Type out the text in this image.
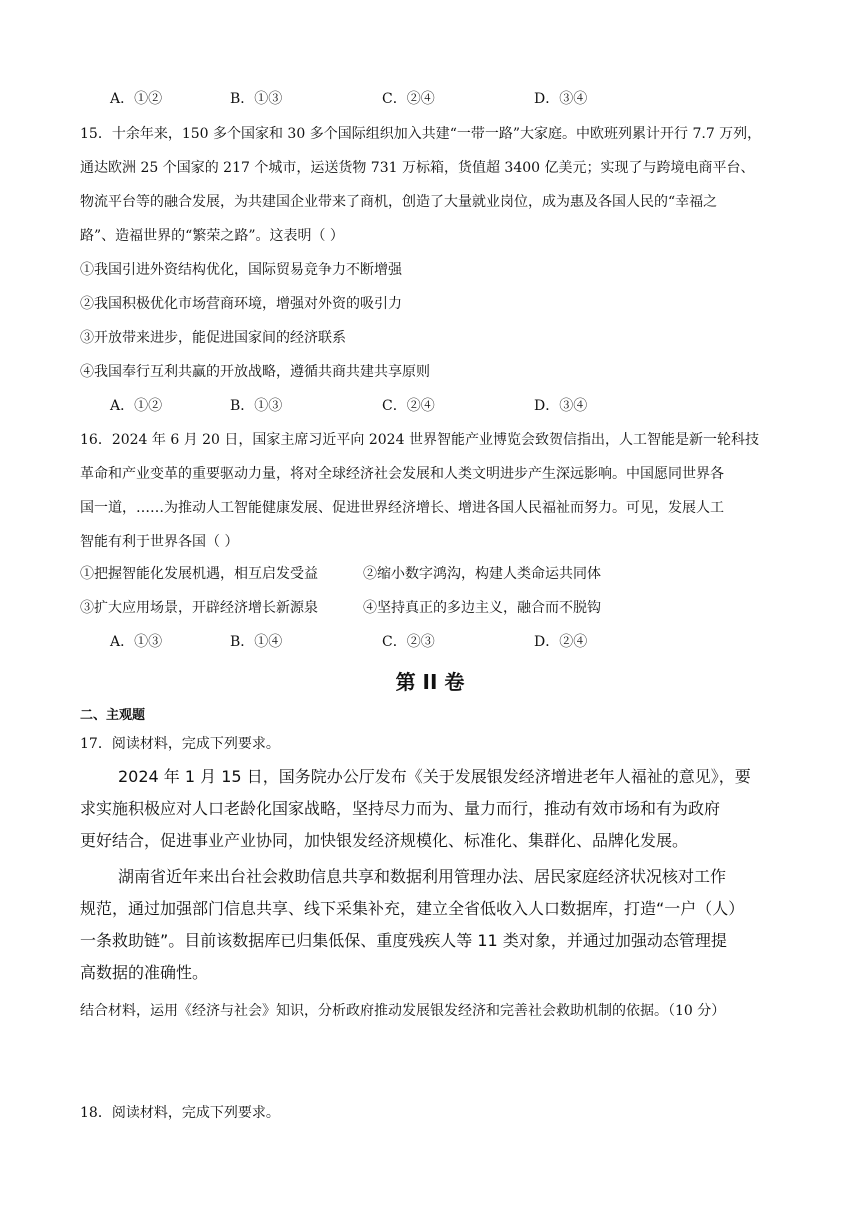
A．①②	B．①③	C．②④	D．③④
15．十余年来，150 多个国家和 30 多个国际组织加入共建“一带一路”大家庭。中欧班列累计开行 7.7 万列，
通达欧洲 25 个国家的 217 个城市，运送货物 731 万标箱，货值超 3400 亿美元；实现了与跨境电商平台、
物流平台等的融合发展，为共建国企业带来了商机，创造了大量就业岗位，成为惠及各国人民的“幸福之
路”、造福世界的“繁荣之路”。这表明（ ）
①我国引进外资结构优化，国际贸易竞争力不断增强
②我国积极优化市场营商环境，增强对外资的吸引力
③开放带来进步，能促进国家间的经济联系
④我国奉行互利共赢的开放战略，遵循共商共建共享原则
A．①②	B．①③	C．②④	D．③④
16．2024 年 6 月 20 日，国家主席习近平向 2024 世界智能产业博览会致贺信指出，人工智能是新一轮科技
革命和产业变革的重要驱动力量，将对全球经济社会发展和人类文明进步产生深远影响。中国愿同世界各
国一道，……为推动人工智能健康发展、促进世界经济增长、增进各国人民福祉而努力。可见，发展人工
智能有利于世界各国（ ）
①把握智能化发展机遇，相互启发受益	②缩小数字鸿沟，构建人类命运共同体
③扩大应用场景，开辟经济增长新源泉	④坚持真正的多边主义，融合而不脱钩
A．①③	B．①④	C．②③	D．②④
第 II 卷
二、主观题
17．阅读材料，完成下列要求。
2024 年 1 月 15 日，国务院办公厅发布《关于发展银发经济增进老年人福祉的意见》，要
求实施积极应对人口老龄化国家战略，坚持尽力而为、量力而行，推动有效市场和有为政府
更好结合，促进事业产业协同，加快银发经济规模化、标准化、集群化、品牌化发展。
湖南省近年来出台社会救助信息共享和数据利用管理办法、居民家庭经济状况核对工作
规范，通过加强部门信息共享、线下采集补充，建立全省低收入人口数据库，打造“一户（人）
一条救助链”。目前该数据库已归集低保、重度残疾人等 11 类对象，并通过加强动态管理提
高数据的准确性。
结合材料，运用《经济与社会》知识，分析政府推动发展银发经济和完善社会救助机制的依据。（10 分）
18．阅读材料，完成下列要求。
